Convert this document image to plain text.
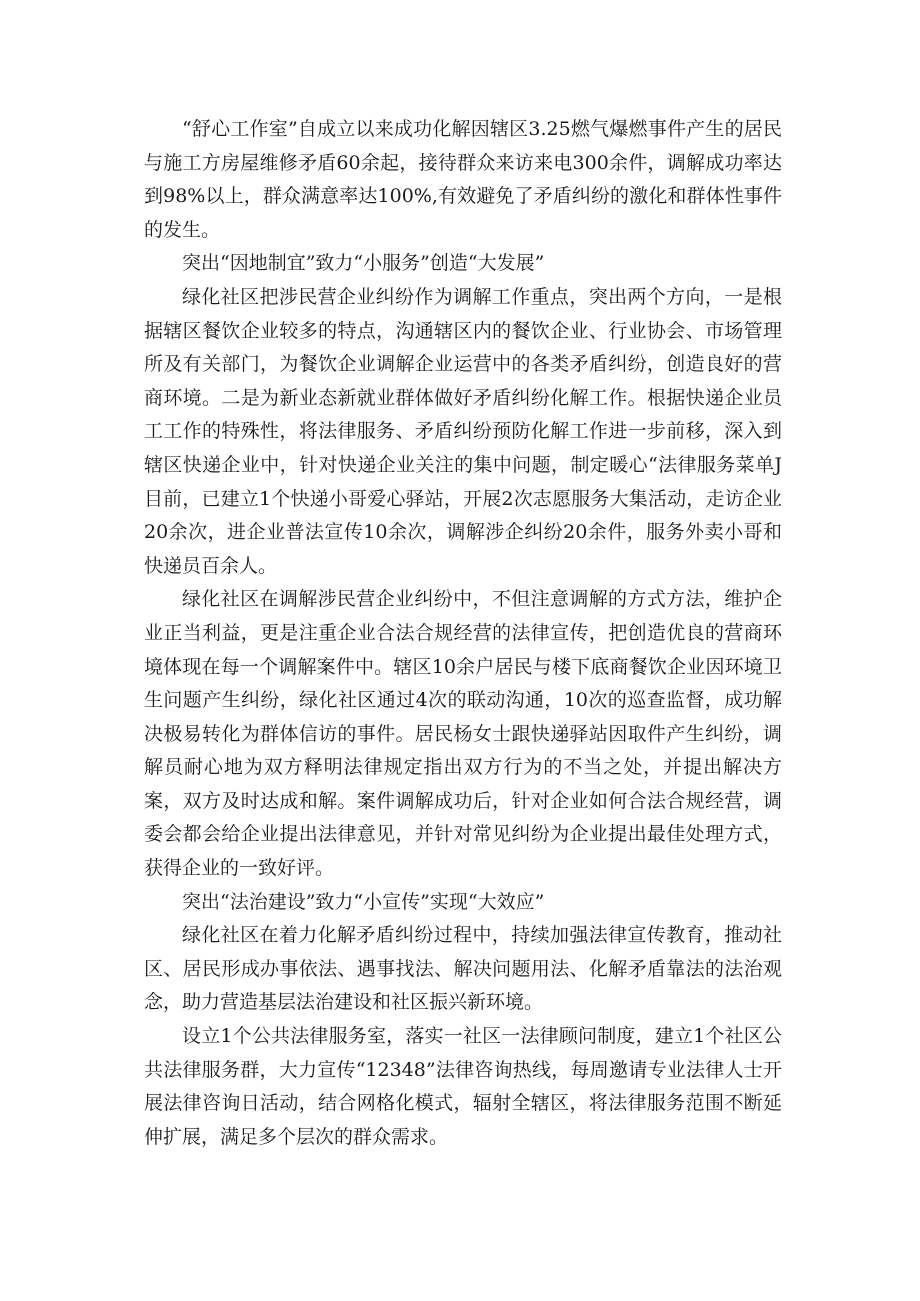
“舒心工作室”自成立以来成功化解因辖区3.25燃气爆燃事件产生的居民与施工方房屋维修矛盾60余起，接待群众来访来电300余件，调解成功率达到98%以上，群众满意率达100%,有效避免了矛盾纠纷的激化和群体性事件的发生。

突出“因地制宜”致力“小服务”创造“大发展”

绿化社区把涉民营企业纠纷作为调解工作重点，突出两个方向，一是根据辖区餐饮企业较多的特点，沟通辖区内的餐饮企业、行业协会、市场管理所及有关部门，为餐饮企业调解企业运营中的各类矛盾纠纷，创造良好的营商环境。二是为新业态新就业群体做好矛盾纠纷化解工作。根据快递企业员工工作的特殊性，将法律服务、矛盾纠纷预防化解工作进一步前移，深入到辖区快递企业中，针对快递企业关注的集中问题，制定暖心“法律服务菜单J目前，已建立1个快递小哥爱心驿站，开展2次志愿服务大集活动，走访企业20余次，进企业普法宣传10余次，调解涉企纠纷20余件，服务外卖小哥和快递员百余人。

绿化社区在调解涉民营企业纠纷中，不但注意调解的方式方法，维护企业正当利益，更是注重企业合法合规经营的法律宣传，把创造优良的营商环境体现在每一个调解案件中。辖区10余户居民与楼下底商餐饮企业因环境卫生问题产生纠纷，绿化社区通过4次的联动沟通，10次的巡查监督，成功解决极易转化为群体信访的事件。居民杨女士跟快递驿站因取件产生纠纷，调解员耐心地为双方释明法律规定指出双方行为的不当之处，并提出解决方案，双方及时达成和解。案件调解成功后，针对企业如何合法合规经营，调委会都会给企业提出法律意见，并针对常见纠纷为企业提出最佳处理方式，获得企业的一致好评。

突出“法治建设”致力“小宣传”实现“大效应”

绿化社区在着力化解矛盾纠纷过程中，持续加强法律宣传教育，推动社区、居民形成办事依法、遇事找法、解决问题用法、化解矛盾靠法的法治观念，助力营造基层法治建设和社区振兴新环境。

设立1个公共法律服务室，落实一社区一法律顾问制度，建立1个社区公共法律服务群，大力宣传“12348”法律咨询热线，每周邀请专业法律人士开展法律咨询日活动，结合网格化模式，辐射全辖区，将法律服务范围不断延伸扩展，满足多个层次的群众需求。
